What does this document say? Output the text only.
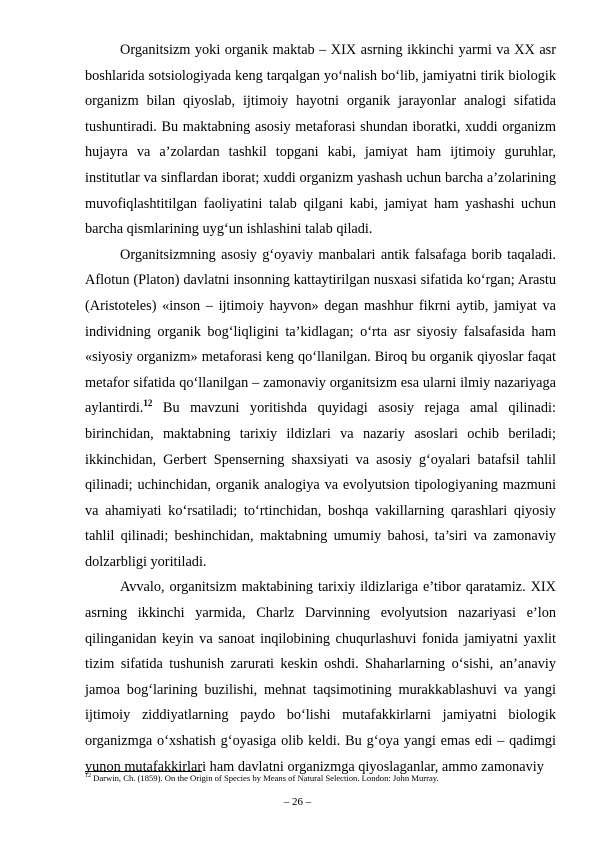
Organitsizm yoki organik maktab – XIX asrning ikkinchi yarmi va XX asr boshlarida sotsiologiyada keng tarqalgan yo‘nalish bo‘lib, jamiyatni tirik biologik organizm bilan qiyoslab, ijtimoiy hayotni organik jarayonlar analogi sifatida tushuntiradi. Bu maktabning asosiy metaforasi shundan iboratki, xuddi organizm hujayra va a’zolardan tashkil topgani kabi, jamiyat ham ijtimoiy guruhlar, institutlar va sinflardan iborat; xuddi organizm yashash uchun barcha a’zolarining muvofiqlashtitilgan faoliyatini talab qilgani kabi, jamiyat ham yashashi uchun barcha qismlarining uyg‘un ishlashini talab qiladi.

Organitsizmning asosiy g‘oyaviy manbalari antik falsafaga borib taqaladi. Aflotun (Platon) davlatni insonning kattaytirilgan nusxasi sifatida ko‘rgan; Arastu (Aristoteles) «inson – ijtimoiy hayvon» degan mashhur fikrni aytib, jamiyat va individning organik bog‘liqligini ta’kidlagan; o‘rta asr siyosiy falsafasida ham «siyosiy organizm» metaforasi keng qo‘llanilgan. Biroq bu organik qiyoslar faqat metafor sifatida qo‘llanilgan – zamonaviy organitsizm esa ularni ilmiy nazariyaga aylantirdi.$^{12}$ Bu mavzuni yoritishda quyidagi asosiy rejaga amal qilinadi: birinchidan, maktabning tarixiy ildizlari va nazariy asoslari ochib beriladi; ikkinchidan, Gerbert Spenserning shaxsiyati va asosiy g‘oyalari batafsil tahlil qilinadi; uchinchidan, organik analogiya va evolyutsion tipologiyaning mazmuni va ahamiyati ko‘rsatiladi; to‘rtinchidan, boshqa vakillarning qarashlari qiyosiy tahlil qilinadi; beshinchidan, maktabning umumiy bahosi, ta’siri va zamonaviy dolzarbligi yoritiladi.

Avvalo, organitsizm maktabining tarixiy ildizlariga e’tibor qaratamiz. XIX asrning ikkinchi yarmida, Charlz Darvinning evolyutsion nazariyasi e’lon qilinganidan keyin va sanoat inqilobining chuqurlashuvi fonida jamiyatni yaxlit tizim sifatida tushunish zarurati keskin oshdi. Shaharlarning o‘sishi, an’anaviy jamoa bog‘larining buzilishi, mehnat taqsimotining murakkablashuvi va yangi ijtimoiy ziddiyatlarning paydo bo‘lishi mutafakkirlarni jamiyatni biologik organizmga o‘xshatish g‘oyasiga olib keldi. Bu g‘oya yangi emas edi – qadimgi yunon mutafakkirlari ham davlatni organizmga qiyoslaganlar, ammo zamonaviy

$^{12}$ Darwin, Ch. (1859). On the Origin of Species by Means of Natural Selection. London: John Murray.
– 26 –
